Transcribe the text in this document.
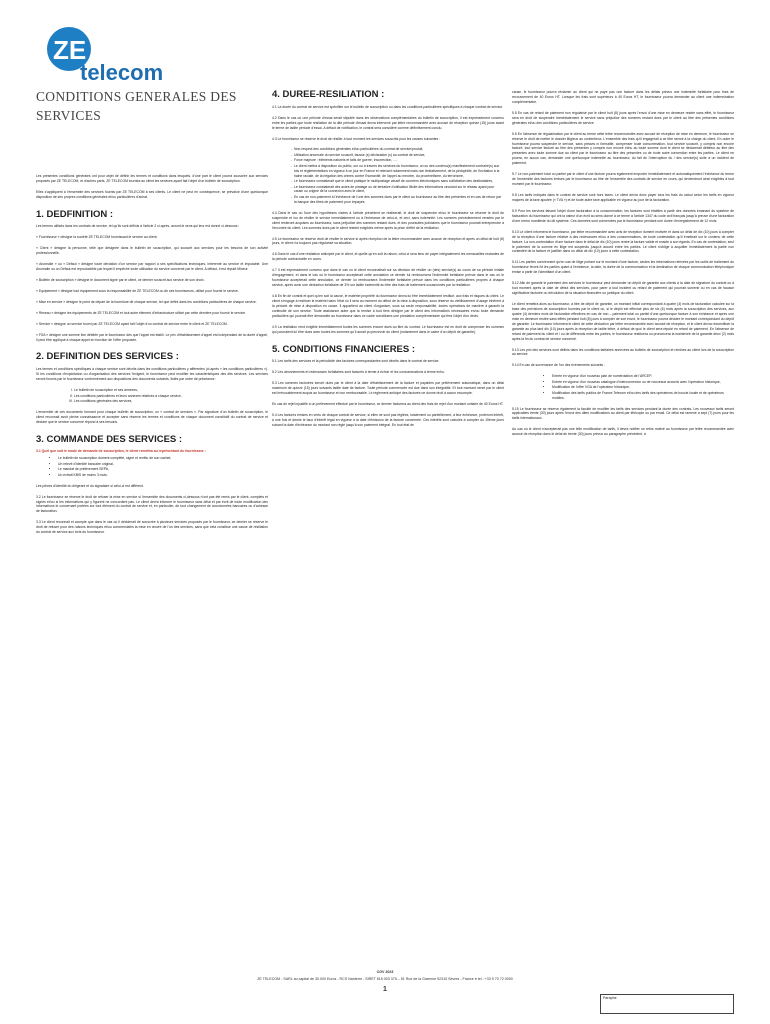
ZE
telecom
CONDITIONS GENERALES DES SERVICES

Les présentes conditions générales ont pour objet de définir les termes et conditions dans lesquels, d'une part le client pourra souscrire aux services proposés par ZE TELECOM, et d'autres parts, ZE TELECOM fournira au client les services ayant fait l'objet d'un bulletin de souscription.

Elles s'appliquent à l'ensemble des services fournis par ZE TELECOM à ses clients. Le client ne peut en conséquence, se prévaloir d'une quelconque disposition de ses propres conditions générales et/ou particulières d'achat.

1. DEDFINITION :

Les termes utilisés dans les contrats de service, tel qu'ils sont définis à l'article 2 ci-après, auront le sens qui leur est donné ci-dessous :

« Fournisseur » désigne la société ZE TELECOM fournissant le service au client.

« Client » désigne la personne, telle que désignée dans le bulletin de souscription, qui souscrit aux services pour les besoins de son activité professionnelle.

« Anomalie » ou « Défaut » désigne toute déviation d'un service par rapport à ses spécifications techniques, inhérente au service et imputable. Une Anomalie ou un Défaut est reproductible par lequel il empêche toute utilisation du service concerné par le client. A défaut, il est réputé Mineur.

« Bulletin de souscription » désigne le document signé par le client, ce dernier souscrit aux service de son choix.

« Equipement » désigne tout équipement sous la responsabilité de ZE TELECOM ou de ses fournisseurs, utilisé pour fournir le service.

« Mise en service » désigne le point de départ de la fourniture de chaque service, tel que défini dans les conditions particulières de chaque service.

« Réseau » désigne les équipements de ZE TELECOM et tout autre élément d'infrastructure utilisé par cette dernière pour fournir le service.

« Service » désigne un service fourni par ZE TELECOM ayant fait l'objet d'un contrat de service entre le client et ZE TELECOM.

« FSA » désigne une somme fixe débitée par le fournisseur dès que l'appel est établi. Le prix d'établissement d'appel est indépendant de la durée d'appel, il peut être appliqué à chaque appel en fonction de l'offre proposée.

2. DEFINITION DES SERVICES :

Les termes et conditions spécifiques à chaque service sont décrits dans les conditions particulières y afférentes (ci-après « les conditions particulières »). Si les conditions d'exploitation ou d'organisation des services l'exigent, le fournisseur peut modifier les caractéristiques des dits services. Les services seront fournis par le fournisseur conformément aux dispositions des documents suivants, listés par ordre de préséance :

I. Le bulletin de souscription et ses annexes,
II. Les conditions particulières et leurs annexes relatives à chaque service,
III. Les conditions générales des services,

L'ensemble de ces documents formant pour chaque bulletin de souscription, un « contrat de services ». Par signature d'un bulletin de souscription, le client reconnait avoir pleine connaissance et accepter sans réserve les termes et conditions de chaque document constitutif du contrat de service et déclare que le service concerné répond à ses besoins.

3. COMMANDE DES SERVICES :

3.1 Quel que soit le mode de demande de souscription, le client remettra au représentant du fournisseur :

• Le bulletin de souscription dument complété, signé et revêtu de son cachet,
• Un relevé d'identité bancaire original,
• Le mandat de prélèvement SEPA,
• Un extrait KBIS de moins 3 mois.

Les pièces d'identité du dirigeant et du signataire si celui-ci est différent.

3.2 Le fournisseur se réserve le droit de refuser la mise en service si l'ensemble des documents ci-dessous n'ont pas été remis par le client, complets et signés et/ou si les informations qui y figurent ne concordent pas. Le client devra informer le fournisseur sans délai et par écrit de toute modification des informations le concernant portées sur tout élément du contrat de service et, en particulier, de tout changement de coordonnées bancaires ou d'adresse de facturation.

3.3 Le client reconnait et accepte que dans le cas où il déciderait de souscrire à plusieurs services proposés par le fournisseur, ce dernier se réserve le droit de refuser pour des raisons techniques et/ou commerciales la mise en œuvre de l'un des services, sans que cela constitue une cause de résiliation du contrat de service aux torts du fournisseur.

4. DUREE-RESILIATION :

4.1 La durée du contrat de service est spécifiée sur le bulletin de souscription ou dans les conditions particulières spécifiques à chaque contrat de service.

4.2 Dans le cas où une période d'essai serait stipulée dans les observations complémentaires du bulletin de souscription, il est expressément convenu entre les parties que toute résiliation de la dite période d'essai devra intervenir par lettre recommandée avec accusé de réception quinze (15) jours avant le terme de ladite période d'essai. A défaut de notification, le contrat sera considéré comme définitivement conclu.

4.3 Le fournisseur se réserve le droit de résilier à tout moment les services souscrits pour les causes suivantes :

- Non-respect des conditions générales et/ou particulières du contrat de service/produit,
- Utilisation anormale du service souscrit, fausse (s) déclaration (s) au contrat de service,
- Force majeure : éléments naturels et faits de guerre, insurrection, …,
- Le client mettra à disposition du public, sur ou à travers les services du fournisseur, un ou des contenu(s) manifestement contraire(s) aux lois et réglementations en vigueur à ce jour en France et relevant notamment mais non limitativement, de la pédophilie, de l'incitation à la haine raciale, de la négation des crimes contre l'humanité, de l'appel au meurtre, du proxénétisme, du terrorisme,
- Le fournisseur constaterait que le client pratique le multipostage abusif de courriers électroniques sans sollicitation des destinataires,
- Le fournisseur constaterait des actes de piratage ou de tentative d'utilisation illicite des informations circulant sur le réseau ayant pour cause ou origine de la connexion avec le client,
- En cas de non-paiement à l'échéance de l'une des sommes dues par le client au fournisseur au titre des présentes et en cas de retour par la banque des titres de paiement pour impayés.

4.4 Dans le cas où l'une des hypothèses visées à l'article précédent se réaliserait, le droit de suspendre et/ou le fournisseur se réserve le droit de suspendre et /ou de résilier le service immédiatement ou à l'échéance de celui-ci, et ceci, sans indemnité. Les sommes précédemment versées par le client resteront acquises au fournisseur, sans préjudice des sommes restant dues, et des poursuites judiciaires que le fournisseur pourrait entreprendre à l'encontre du client. Les sommes dues par le client restent exigibles même après la prise d'effet de la résiliation.

4.5 Le fournisseur se réserve droit de résilier le service si après réception de la lettre recommandée avec accusé de réception et après un délai de huit (8) jours, le client n'a toujours pas régularisé sa situation.

4.6 Dans le cas d'une résiliation anticipée par le client, et quelle qu'en soit la raison, celui-ci sera tenu de payer intégralement les mensualités restantes de la période contractuelle en cours.

4.7 Il est expressément convenu que dans le cas où le client reconnaitrait sur sa décision de résilier un (des) service(s) au cours de sa période initiale d'engagement, et dans le cas où le fournisseur accepterait cette annulation ce dernier lui remboursera l'indemnité forfaitaire prévue dans le cas où le fournisseur accepterait cette annulation, ce dernier lui remboursera l'indemnité forfaitaire prévue dans les conditions particulières propres à chaque service, après avoir une déduction forfaitaire de 3% sur ladite indemnité au titre des frais de traitement occasionnés par la résiliation.

4.8 En fin de contrat et quel qu'en soit la cause, le matériel propriété du fournisseur devra lui être immédiatement restitué, aux frais et risques du client. Le client s'engage à restituer le matériel dans l'état où il sera au moment du début de la mise à disposition, sous réserve du vieillissement d'usage inhérent à la période de mise à disposition en cause. Il appartient au client d'organiser, sous sa seule responsabilité, toutes opérations de manière à garantir la continuité de son service. Toute assistance autre que la remise à tout tiers désigné par le client des informations nécessaires en/ou toute demande particulière qui pourrait être demandée au fournisseur dans ce cadre constituera une prestation complémentaire qui fera l'objet d'un devis.

4.9 La résiliation rend exigible immédiatement toutes les sommes encore dues au titre du contrat. Le fournisseur est en droit de compenser les sommes qui pourraient lui être dues avec toutes les sommes qu'il aurait pu percevoir du client (notamment dans le cadre d'un dépôt de garantie).

5. CONDITIONS FINANCIERES :

5.1 Les tarifs des services et la périodicité des factures correspondantes sont décrits dans le contrat de service.

5.2 Les abonnements et redevances forfaitaires sont facturés à terme à échoir et les consommations à terme échu.

5.3 Les sommes facturées seront dues par le client à la date d'établissement de la facture et payables par prélèvement automatique, dans un délai maximum de quinze (15) jours suivants ladite date de facture. Toute période commencée est due dans son intégralité. Et tout montant versé par le client est irrévocablement acquis au fournisseur et non remboursable. Le règlement anticipé des factures ne donne droit à aucun escompte.

En cas de rejet injustifié à un prélèvement effectué par le fournisseur, ce dernier facturera au client des frais de rejet d'un montant unitaire de 40 Euros HT.

5.4 Les factures émises en vertu de chaque contrat de service, si elles ne sont pas réglées, totalement ou partiellement, à leur échéance, porteront intérêt, à une fois et demie le taux d'intérêt légal en vigueur à la date d'émission de la facture concernée. Ces intérêts sont calculés à compter du 15ème jours suivant la date d'échéance du montant non réglé jusqu'à son paiement intégral. En tout état de

cause, le fournisseur pourra réclamer au client qui ne paye pas une facture dans les délais prévus une indemnité forfaitaire pour frais de recouvrement de 40 Euros HT. Lorsque les frais sont supérieurs à 40 Euros HT, le fournisseur pourra demander au client une indemnisation complémentaire.

5.5 En cas de retard de paiement non régularisé par le client huit (8) jours après l'envoi d'une mise en demeure restée sans effet, le fournisseur sera en droit de suspendre immédiatement le service sans préjudice des sommes restant dues par le client au titre des présentes conditions générales et/ou des conditions particulières de service.

5.6 En l'absence de régularisation par le client au terme cette lettre recommandée avec accusé de réception de mise en demeure, le fournisseur se réserve le droit de mettre le dossier litigieux au contentieux. L'ensemble des frais qu'il engagerait à ce titre seront à la charge du client. En outre le fournisseur pourra suspendre le service, sans préavis ni formalité, compenser toute consommation, tout service souscrit, y compris non encore facturé, tout service facturé au titre des présentes y compris non encore échu au toute somme dont le client se déclarerait débiteur au titre des présentes avec toute somme due au client par le fournisseur au titre des présentes ou de toute autre convention entre les parties. Le client ne pourra, en aucun cas, demander une quelconque indemnité au fournisseur, du fait de l'interruption du / des service(s) suite à un incident de paiement.

5.7 Le non-paiement total ou partiel par le client d'une facture pourra également emporter immédiatement et automatiquement l'échéance du terme de l'ensemble des factures émises par le fournisseur au titre de l'ensemble des contrats de service en cours, qui deviendront ainsi exigibles à tout moment par le fournisseur.

5.8 Les tarifs indiqués dans le contrat de service sont hors taxes. Le client devra donc payer tous les frais du calcul selon les tarifs en vigueur majorés de la taxe ajoutée (« TVA ») et de toute autre taxe applicable en vigueur au jour de la facturation.

5.9 Pour les services faisant l'objet d'une facturation à la consommation, les factures sont établies à partir des données émanant du système de facturation du fournisseur qui ont la valeur d'un écrit au sens donné à ce terme à l'article 1347 du code civil français jusqu'à preuve d'une facturation d'une erreur manifeste du dit système. Ces données sont conservées par le fournisseur pendant une durée d'enregistrement de 12 mois.

5.10 Le client informera le fournisseur, par lettre recommandée avec avis de réception dument motivée et dans un délai de dix (10) jours à compter de la réception d'une facture relative à des redevances et/ou à des consommations, de toute contestation qu'il émettrait sur le contenu de cette facture. La non-contestation d'une facture dans le délai de dix (10) jours rentre la facture valide et exacte à son égards. En cas de contestation, seul le paiement de la somme en litige est suspendu jusqu'à accord entre les parties. Le client s'oblige à acquitter immédiatement la partie non contestée de la facture et justifier dans un délai de dix (10) jours à cette contestation.

5.11 Les parties conviennent qu'en cas de litige portant sur le montant d'une facture, seules les informations relevées par les outils de traitement du fournisseur feront foi les parties quant à l'existence, la date, la durée de la communication et la destination de chaque communication téléphonique émise à partir de l'identifiant d'un client.

5.12 Afin de garantir le paiement des services le fournisseur peut demander un dépôt de garantie aux clients à la date de signature du contrat ou à tout moment après la date de début des services, pour parer à tout incident ou retard de paiement qui pourrait survenir ou en cas de hausse significative facturée ou dévolution de la situation financière ou juridique du client.

Le client remettra alors au fournisseur, à titre de dépôt de garantie, un montant initial correspondant à quatre (4) mois de facturation calculée sur la base des prévisions de souscription fournies par le client ou, si le dépôt est effectué plus de six (6) mois après la souscription des services, aux quatre (4) derniers mois de facturation effectives en cas de non – paiement total ou partiel d'une quelconque facture à son échéance et après une mise en demeure restée sans effets pendant huit (8) jours à compter de son envoi, le fournisseur pourra déduire le montant correspondant du dépôt de garantie. Le fournisseur informera le client de cette déduction par lettre recommandée avec accusé de réception, et le client devra reconstituer la garantie au plus tard dix (10) jours après la réception de ladite lettre, à défaut de quoi le client sera réputé en retard de paiement. En l'absence de retard de paiement du client et / ou de différends entre les parties, le fournisseur restituera ou prononcera la mainlevée de la garantie deux (2) mois après la fin du contrat de service concerné.

5.13 Les prix des services sont définis dans les conditions tarifaires annexées au bulletin de souscription et remises au client lors de la souscription au service.

5.14 En cas de survenance de l'un des événements suivants :

• Entrée en vigueur d'un nouveau plan de numérotation de l'ARCEP,
• Entrée en vigueur d'un nouveau catalogue d'interconnexion ou de nouveaux accords avec l'opérateur historique,
• Modification de l'offre VGA de l'opérateur historique,
• Modification des tarifs publics de France Telecom et/ou des tarifs des opérateurs de boucle locale et de opérateurs mobiles.

5.15 Le fournisseur se réserve également la faculté de modifier les tarifs des services pendant la durée des contrats. Les nouveaux tarifs seront applicables trente (30) jours après l'envoi des dites modifications au client par télécopie ou par email. Ce délai est ramené à sept (7) jours pour les tarifs internationaux.

Au cas où le client n'accepterait pas une telle modification de tarifs, il devra notifier un refus motivé au fournisseur par lettre recommandée avec accusé de réception dans le délai de trente (30) jours prévus au paragraphe précédent, à

CGV 2023
ZE TELECOM - SARL au capital de 30.000 Euros - RCS Nanterre - SIRET 815 003 375 – 51 Rue de la Garenne 92310 Sèvres - France ● tel : +33 9 70 72 0000
1
Paraphe
